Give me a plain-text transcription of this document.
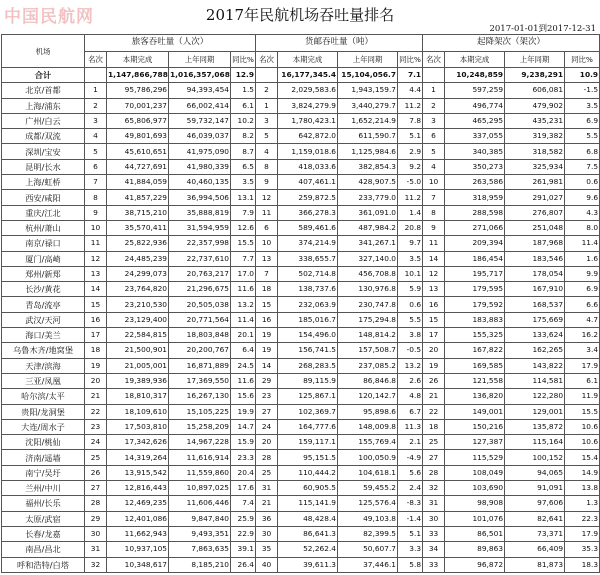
中国民航网	2017年民航机场吞吐量排名
2017-01-01到2017-12-31
机场	旅客吞吐量（人次）				货邮吞吐量（吨）				起降架次（架次）			
	名次	本期完成	上年同期	同比%	名次	本期完成	上年同期	同比%	名次	本期完成	上年同期	同比%
合计		1,147,866,788	1,016,357,068	12.9		16,177,345.4	15,104,056.7	7.1		10,248,859	9,238,291	10.9
北京/首都	1	95,786,296	94,393,454	1.5	2	2,029,583.6	1,943,159.7	4.4	1	597,259	606,081	-1.5
上海/浦东	2	70,001,237	66,002,414	6.1	1	3,824,279.9	3,440,279.7	11.2	2	496,774	479,902	3.5
广州/白云	3	65,806,977	59,732,147	10.2	3	1,780,423.1	1,652,214.9	7.8	3	465,295	435,231	6.9
成都/双流	4	49,801,693	46,039,037	8.2	5	642,872.0	611,590.7	5.1	6	337,055	319,382	5.5
深圳/宝安	5	45,610,651	41,975,090	8.7	4	1,159,018.6	1,125,984.6	2.9	5	340,385	318,582	6.8
昆明/长水	6	44,727,691	41,980,339	6.5	8	418,033.6	382,854.3	9.2	4	350,273	325,934	7.5
上海/虹桥	7	41,884,059	40,460,135	3.5	9	407,461.1	428,907.5	-5.0	10	263,586	261,981	0.6
西安/咸阳	8	41,857,229	36,994,506	13.1	12	259,872.5	233,779.0	11.2	7	318,959	291,027	9.6
重庆/江北	9	38,715,210	35,888,819	7.9	11	366,278.3	361,091.0	1.4	8	288,598	276,807	4.3
杭州/萧山	10	35,570,411	31,594,959	12.6	6	589,461.6	487,984.2	20.8	9	271,066	251,048	8.0
南京/禄口	11	25,822,936	22,357,998	15.5	10	374,214.9	341,267.1	9.7	11	209,394	187,968	11.4
厦门/高崎	12	24,485,239	22,737,610	7.7	13	338,655.7	327,140.0	3.5	14	186,454	183,546	1.6
郑州/新郑	13	24,299,073	20,763,217	17.0	7	502,714.8	456,708.8	10.1	12	195,717	178,054	9.9
长沙/黄花	14	23,764,820	21,296,675	11.6	18	138,737.6	130,976.8	5.9	13	179,595	167,910	6.9
青岛/流亭	15	23,210,530	20,505,038	13.2	15	232,063.9	230,747.8	0.6	16	179,592	168,537	6.6
武汉/天河	16	23,129,400	20,771,564	11.4	16	185,016.7	175,294.8	5.5	15	183,883	175,669	4.7
海口/美兰	17	22,584,815	18,803,848	20.1	19	154,496.0	148,814.2	3.8	17	155,325	133,624	16.2
乌鲁木齐/地窝堡	18	21,500,901	20,200,767	6.4	19	156,741.5	157,508.7	-0.5	20	167,822	162,265	3.4
天津/滨海	19	21,005,001	16,871,889	24.5	14	268,283.5	237,085.2	13.2	19	169,585	143,822	17.9
三亚/凤凰	20	19,389,936	17,369,550	11.6	29	89,115.9	86,846.8	2.6	26	121,558	114,581	6.1
哈尔滨/太平	21	18,810,317	16,267,130	15.6	23	125,867.1	120,142.7	4.8	21	136,820	122,280	11.9
贵阳/龙洞堡	22	18,109,610	15,105,225	19.9	27	102,369.7	95,898.6	6.7	22	149,001	129,001	15.5
大连/周水子	23	17,503,810	15,258,209	14.7	24	164,777.6	148,009.8	11.3	18	150,216	135,872	10.6
沈阳/桃仙	24	17,342,626	14,967,228	15.9	20	159,117.1	155,769.4	2.1	25	127,387	115,164	10.6
济南/遥墙	25	14,319,264	11,616,914	23.3	28	95,151.5	100,050.9	-4.9	27	115,529	100,152	15.4
南宁/吴圩	26	13,915,542	11,559,860	20.4	25	110,444.2	104,618.1	5.6	28	108,049	94,065	14.9
兰州/中川	27	12,816,443	10,897,025	17.6	31	60,905.5	59,455.2	2.4	32	103,690	91,091	13.8
福州/长乐	28	12,469,235	11,606,446	7.4	21	115,141.9	125,576.4	-8.3	31	98,908	97,606	1.3
太原/武宿	29	12,401,086	9,847,840	25.9	36	48,428.4	49,103.8	-1.4	30	101,076	82,641	22.3
长春/龙嘉	30	11,662,943	9,493,351	22.9	30	86,641.3	82,399.5	5.1	33	86,501	73,371	17.9
南昌/昌北	31	10,937,105	7,863,635	39.1	35	52,262.4	50,607.7	3.3	34	89,863	66,409	35.3
呼和浩特/白塔	32	10,348,617	8,185,210	26.4	40	39,611.3	37,446.1	5.8	33	96,872	81,873	18.3
